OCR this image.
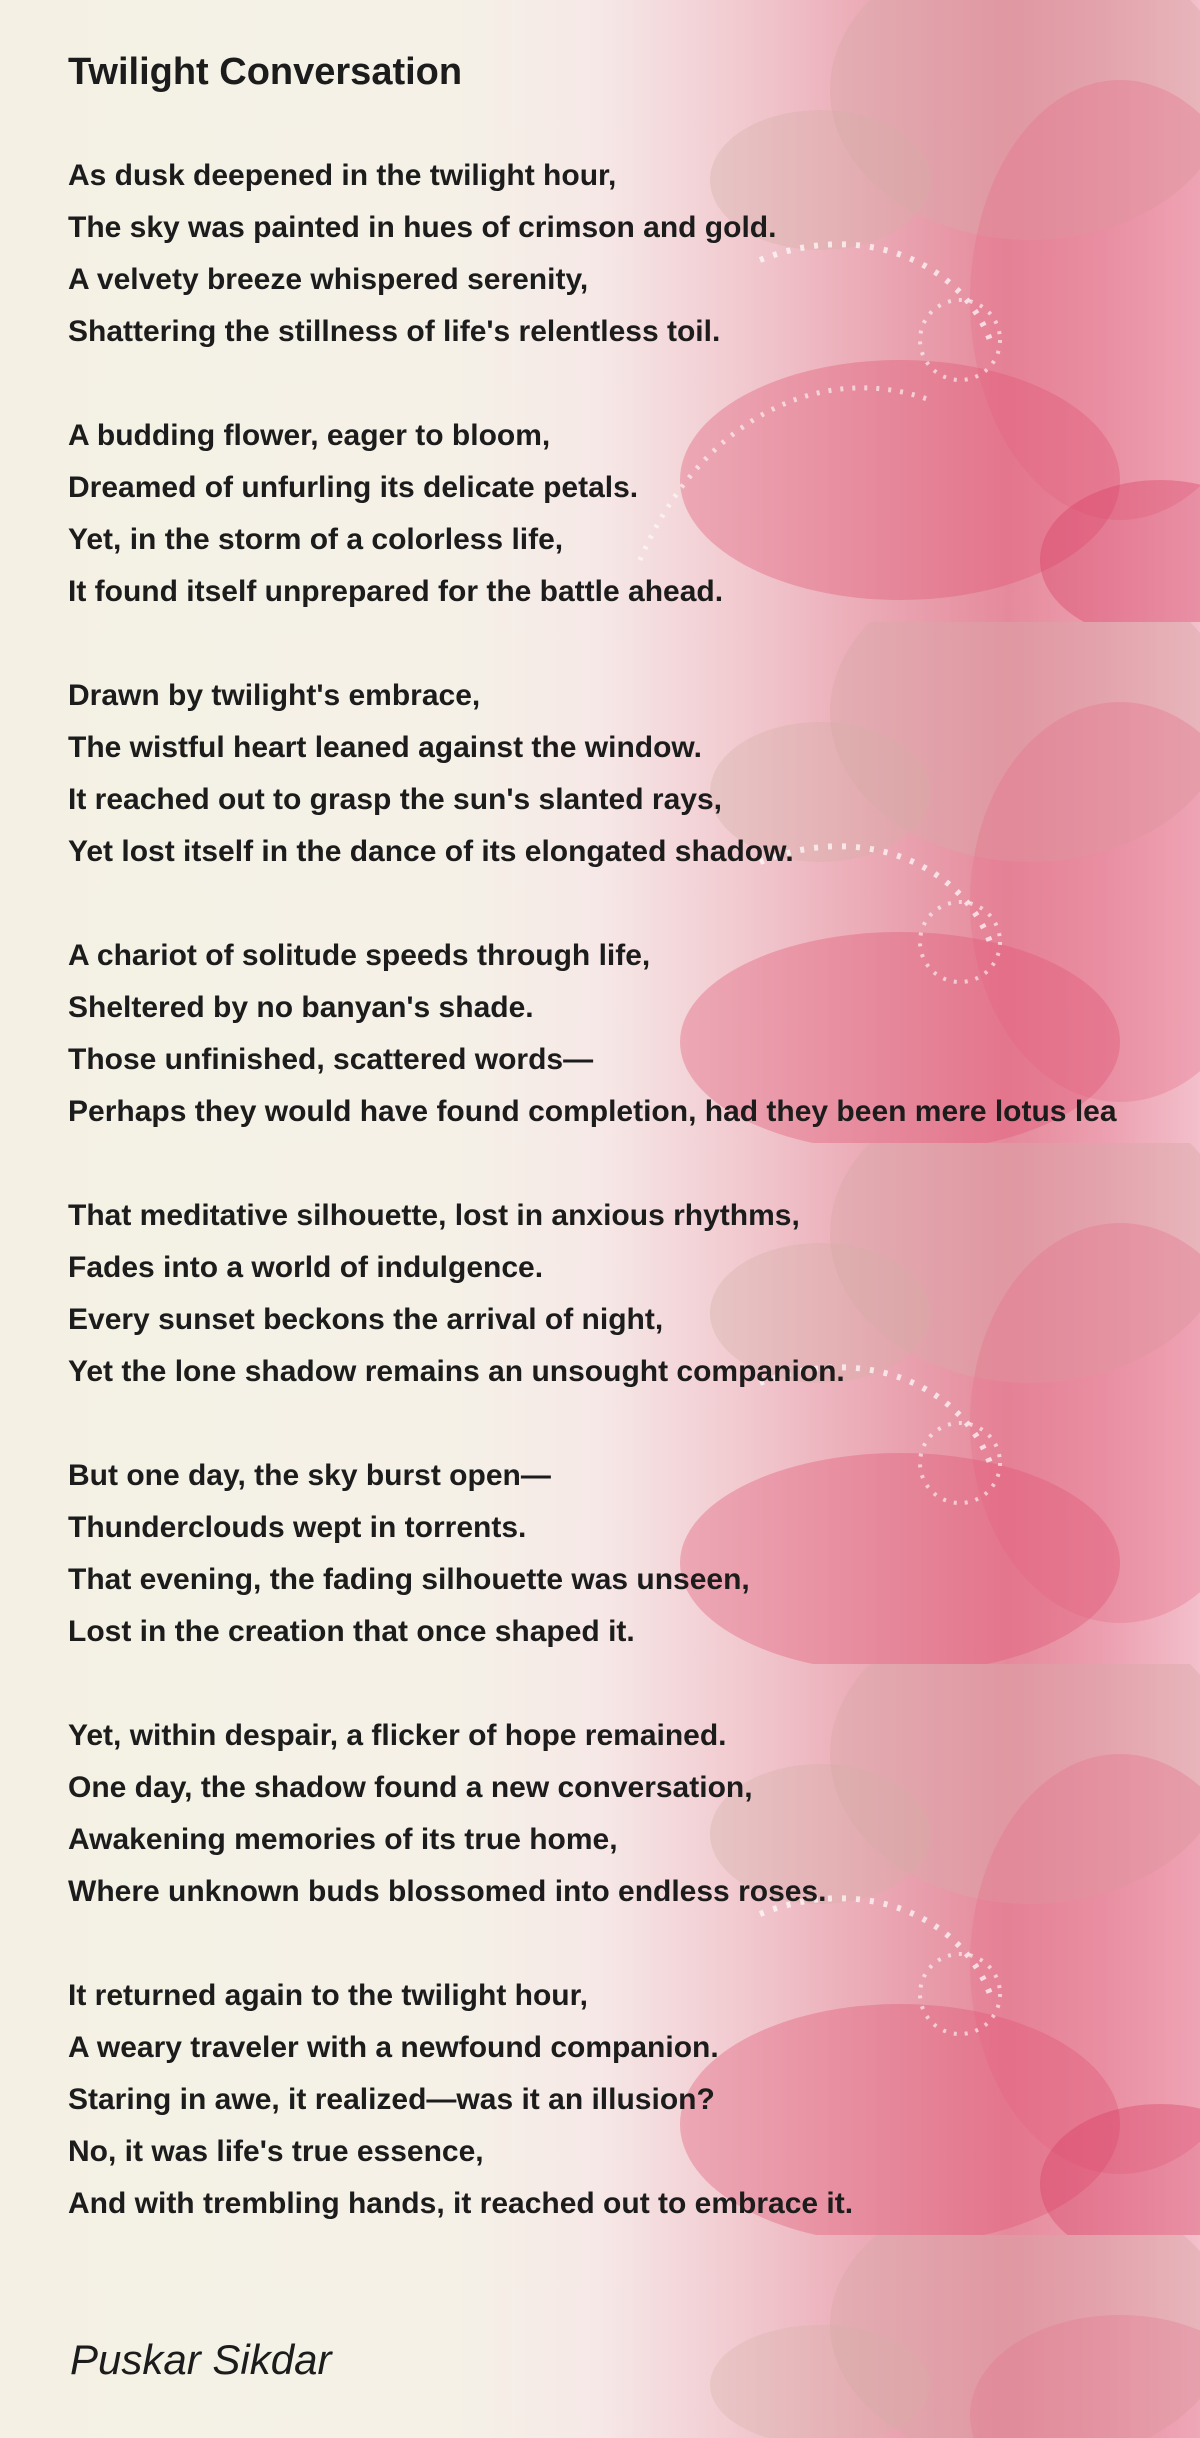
Twilight Conversation
As dusk deepened in the twilight hour,
The sky was painted in hues of crimson and gold.
A velvety breeze whispered serenity,
Shattering the stillness of life's relentless toil.
A budding flower, eager to bloom,
Dreamed of unfurling its delicate petals.
Yet, in the storm of a colorless life,
It found itself unprepared for the battle ahead.
Drawn by twilight's embrace,
The wistful heart leaned against the window.
It reached out to grasp the sun's slanted rays,
Yet lost itself in the dance of its elongated shadow.
A chariot of solitude speeds through life,
Sheltered by no banyan's shade.
Those unfinished, scattered words—
Perhaps they would have found completion, had they been mere lotus lea
That meditative silhouette, lost in anxious rhythms,
Fades into a world of indulgence.
Every sunset beckons the arrival of night,
Yet the lone shadow remains an unsought companion.
But one day, the sky burst open—
Thunderclouds wept in torrents.
That evening, the fading silhouette was unseen,
Lost in the creation that once shaped it.
Yet, within despair, a flicker of hope remained.
One day, the shadow found a new conversation,
Awakening memories of its true home,
Where unknown buds blossomed into endless roses.
It returned again to the twilight hour,
A weary traveler with a newfound companion.
Staring in awe, it realized—was it an illusion?
No, it was life's true essence,
And with trembling hands, it reached out to embrace it.
Puskar Sikdar
